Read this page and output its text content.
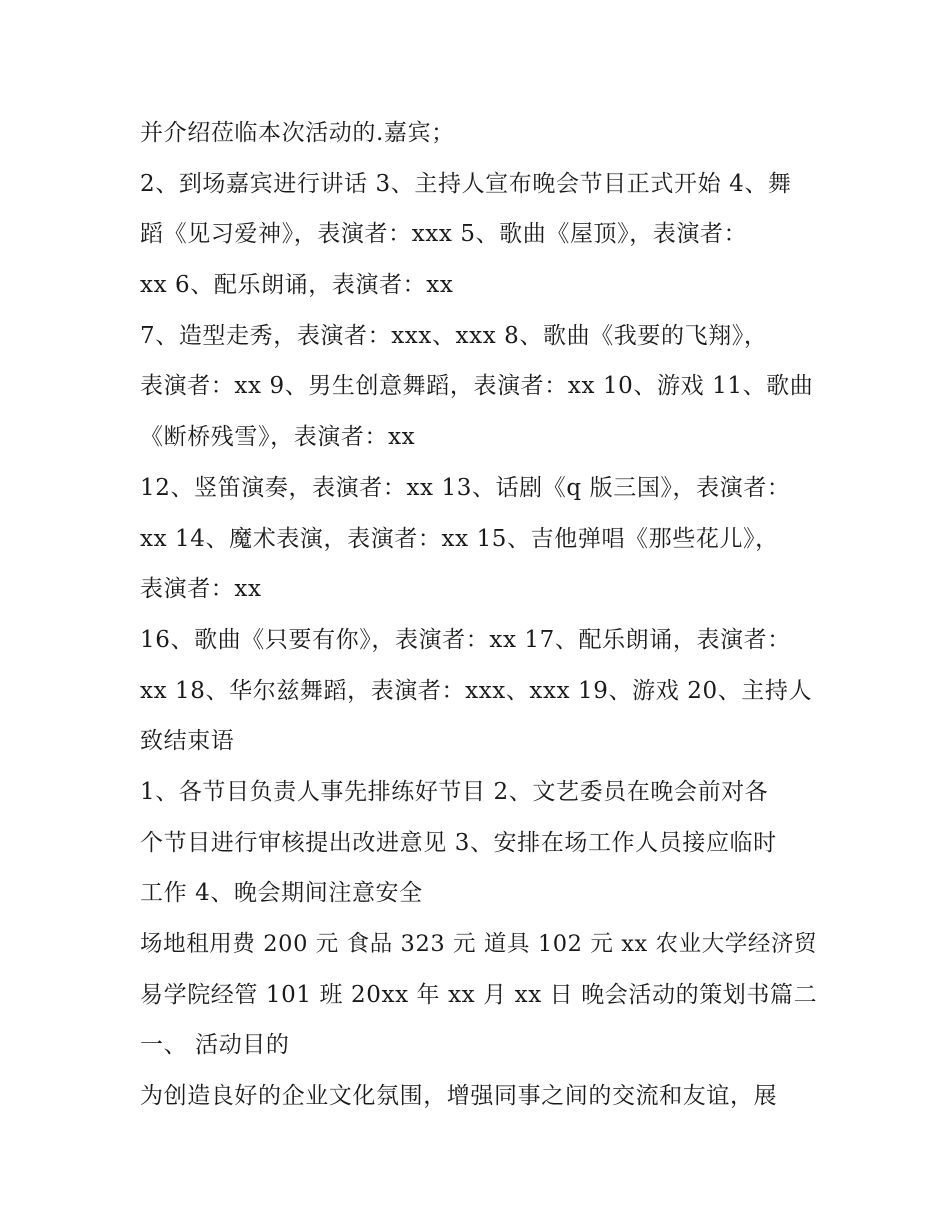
并介绍莅临本次活动的.嘉宾；
2、到场嘉宾进行讲话 3、主持人宣布晚会节目正式开始 4、舞
蹈《见习爱神》，表演者：xxx 5、歌曲《屋顶》，表演者：
xx 6、配乐朗诵，表演者：xx
7、造型走秀，表演者：xxx、xxx 8、歌曲《我要的飞翔》，
表演者：xx 9、男生创意舞蹈，表演者：xx 10、游戏 11、歌曲
《断桥残雪》，表演者：xx
12、竖笛演奏，表演者：xx 13、话剧《q 版三国》，表演者：
xx 14、魔术表演，表演者：xx 15、吉他弹唱《那些花儿》，
表演者：xx
16、歌曲《只要有你》，表演者：xx 17、配乐朗诵，表演者：
xx 18、华尔兹舞蹈，表演者：xxx、xxx 19、游戏 20、主持人
致结束语
1、各节目负责人事先排练好节目 2、文艺委员在晚会前对各
个节目进行审核提出改进意见 3、安排在场工作人员接应临时
工作 4、晚会期间注意安全
场地租用费 200 元 食品 323 元 道具 102 元 xx 农业大学经济贸
易学院经管 101 班 20xx 年 xx 月 xx 日 晚会活动的策划书篇二
一、 活动目的
为创造良好的企业文化氛围，增强同事之间的交流和友谊，展
